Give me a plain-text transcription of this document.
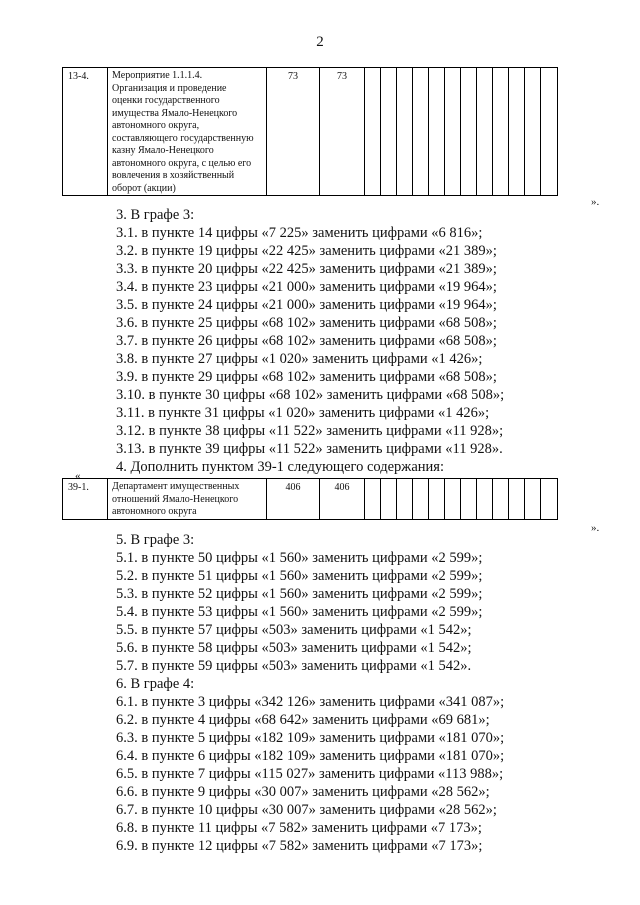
2
13-4.	Мероприятие 1.1.1.4.
Организация и проведение
оценки государственного
имущества Ямало-Ненецкого
автономного округа,
составляющего государственную
казну Ямало-Ненецкого
автономного округа, с целью его
вовлечения в хозяйственный
оборот (акции)
	73	73												
».
3. В графе 3:
3.1. в пункте 14 цифры «7 225» заменить цифрами «6 816»;
3.2. в пункте 19 цифры «22 425» заменить цифрами «21 389»;
3.3. в пункте 20 цифры «22 425» заменить цифрами «21 389»;
3.4. в пункте 23 цифры «21 000» заменить цифрами «19 964»;
3.5. в пункте 24 цифры «21 000» заменить цифрами «19 964»;
3.6. в пункте 25 цифры «68 102» заменить цифрами «68 508»;
3.7. в пункте 26 цифры «68 102» заменить цифрами «68 508»;
3.8. в пункте 27 цифры «1 020» заменить цифрами «1 426»;
3.9. в пункте 29 цифры «68 102» заменить цифрами «68 508»;
3.10. в пункте 30 цифры «68 102» заменить цифрами «68 508»;
3.11. в пункте 31 цифры «1 020» заменить цифрами «1 426»;
3.12. в пункте 38 цифры «11 522» заменить цифрами «11 928»;
3.13. в пункте 39 цифры «11 522» заменить цифрами «11 928».
4. Дополнить пунктом 39-1 следующего содержания:
«
39-1.	Департамент имущественных
отношений Ямало-Ненецкого
автономного округа
	406	406												
».
5. В графе 3:
5.1. в пункте 50 цифры «1 560» заменить цифрами «2 599»;
5.2. в пункте 51 цифры «1 560» заменить цифрами «2 599»;
5.3. в пункте 52 цифры «1 560» заменить цифрами «2 599»;
5.4. в пункте 53 цифры «1 560» заменить цифрами «2 599»;
5.5. в пункте 57 цифры «503» заменить цифрами «1 542»;
5.6. в пункте 58 цифры «503» заменить цифрами «1 542»;
5.7. в пункте 59 цифры «503» заменить цифрами «1 542».
6. В графе 4:
6.1. в пункте 3 цифры «342 126» заменить цифрами «341 087»;
6.2. в пункте 4 цифры «68 642» заменить цифрами «69 681»;
6.3. в пункте 5 цифры «182 109» заменить цифрами «181 070»;
6.4. в пункте 6 цифры «182 109» заменить цифрами «181 070»;
6.5. в пункте 7 цифры «115 027» заменить цифрами «113 988»;
6.6. в пункте 9 цифры «30 007» заменить цифрами «28 562»;
6.7. в пункте 10 цифры «30 007» заменить цифрами «28 562»;
6.8. в пункте 11 цифры «7 582» заменить цифрами «7 173»;
6.9. в пункте 12 цифры «7 582» заменить цифрами «7 173»;
